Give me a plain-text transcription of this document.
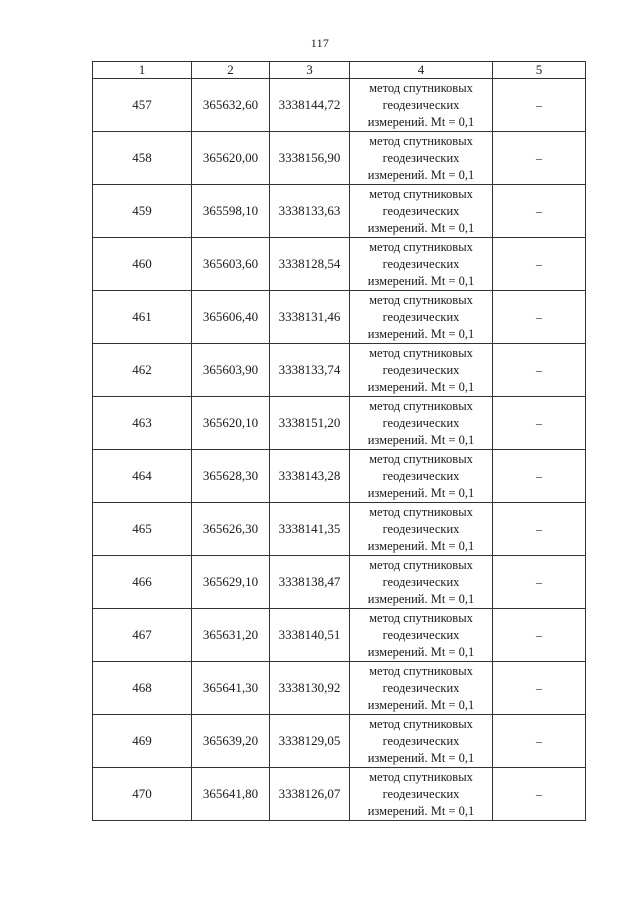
117
1	2	3	4	5
457	365632,60	3338144,72	метод спутниковых
геодезических
измерений. Mt = 0,1	–
458	365620,00	3338156,90	метод спутниковых
геодезических
измерений. Mt = 0,1	–
459	365598,10	3338133,63	метод спутниковых
геодезических
измерений. Mt = 0,1	–
460	365603,60	3338128,54	метод спутниковых
геодезических
измерений. Mt = 0,1	–
461	365606,40	3338131,46	метод спутниковых
геодезических
измерений. Mt = 0,1	–
462	365603,90	3338133,74	метод спутниковых
геодезических
измерений. Mt = 0,1	–
463	365620,10	3338151,20	метод спутниковых
геодезических
измерений. Mt = 0,1	–
464	365628,30	3338143,28	метод спутниковых
геодезических
измерений. Mt = 0,1	–
465	365626,30	3338141,35	метод спутниковых
геодезических
измерений. Mt = 0,1	–
466	365629,10	3338138,47	метод спутниковых
геодезических
измерений. Mt = 0,1	–
467	365631,20	3338140,51	метод спутниковых
геодезических
измерений. Mt = 0,1	–
468	365641,30	3338130,92	метод спутниковых
геодезических
измерений. Mt = 0,1	–
469	365639,20	3338129,05	метод спутниковых
геодезических
измерений. Mt = 0,1	–
470	365641,80	3338126,07	метод спутниковых
геодезических
измерений. Mt = 0,1	–
